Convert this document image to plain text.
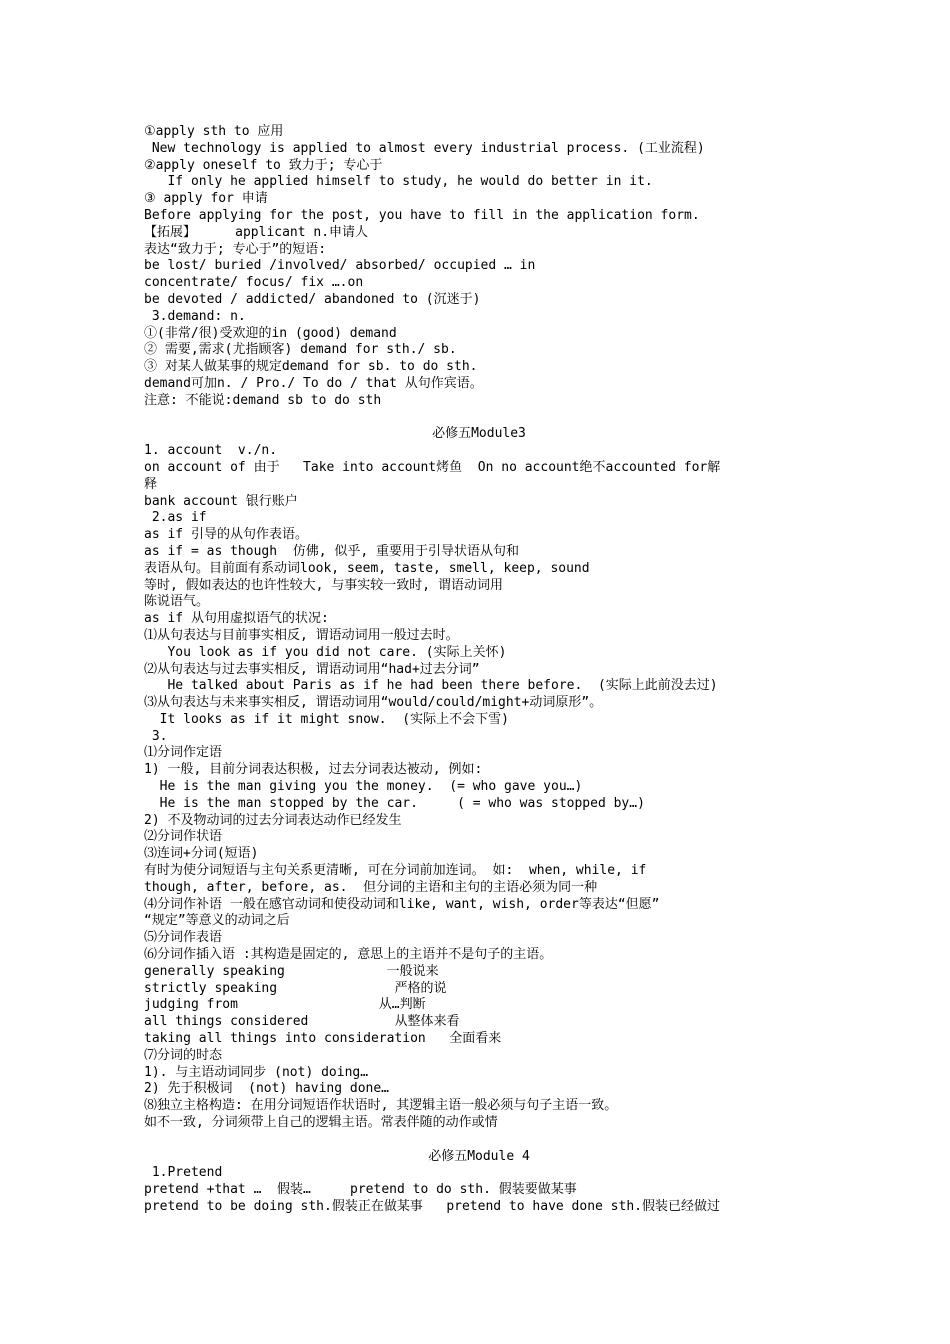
①apply sth to 应用
New technology is applied to almost every industrial process. (工业流程)
②apply oneself to 致力于; 专心于
If only he applied himself to study, he would do better in it.
③ apply for 申请
Before applying for the post, you have to fill in the application form.
【拓展】     applicant n.申请人
表达“致力于; 专心于”的短语:
be lost/ buried /involved/ absorbed/ occupied … in
concentrate/ focus/ fix ….on
be devoted / addicted/ abandoned to (沉迷于)
3.demand: n.
①(非常/很)受欢迎的in (good) demand
② 需要,需求(尤指顾客) demand for sth./ sb.
③ 对某人做某事的规定demand for sb. to do sth.
demand可加n. / Pro./ To do / that 从句作宾语。
注意: 不能说:demand sb to do sth
必修五Module3
1. account  v./n.
on account of 由于   Take into account烤鱼  On no account绝不accounted for解
释
bank account 银行账户
2.as if
as if 引导的从句作表语。
as if = as though  仿佛, 似乎, 重要用于引导状语从句和
表语从句。目前面有系动词look, seem, taste, smell, keep, sound
等时, 假如表达的也许性较大, 与事实较一致时, 谓语动词用
陈说语气。
as if 从句用虚拟语气的状况:
⑴从句表达与目前事实相反, 谓语动词用一般过去时。
You look as if you did not care. (实际上关怀)
⑵从句表达与过去事实相反, 谓语动词用“had+过去分词”
He talked about Paris as if he had been there before.  (实际上此前没去过)
⑶从句表达与未来事实相反, 谓语动词用“would/could/might+动词原形”。
It looks as if it might snow.  (实际上不会下雪)
3.
⑴分词作定语
1) 一般, 目前分词表达积极, 过去分词表达被动, 例如:
He is the man giving you the money.  (= who gave you…)
He is the man stopped by the car.     ( = who was stopped by…)
2) 不及物动词的过去分词表达动作已经发生
⑵分词作状语
⑶连词+分词(短语)
有时为使分词短语与主句关系更清晰, 可在分词前加连词。 如:  when, while, if
though, after, before, as.  但分词的主语和主句的主语必须为同一种
⑷分词作补语 一般在感官动词和使役动词和like, want, wish, order等表达“但愿”
“规定”等意义的动词之后
⑸分词作表语
⑹分词作插入语 :其构造是固定的, 意思上的主语并不是句子的主语。
generally speaking             一般说来
strictly speaking               严格的说
judging from                  从…判断
all things considered           从整体来看
taking all things into consideration   全面看来
⑺分词的时态
1). 与主语动词同步 (not) doing…
2) 先于积极词  (not) having done…
⑻独立主格构造: 在用分词短语作状语时, 其逻辑主语一般必须与句子主语一致。
如不一致, 分词须带上自己的逻辑主语。常表伴随的动作或情
必修五Module 4
1.Pretend
pretend +that …  假装…     pretend to do sth. 假装要做某事
pretend to be doing sth.假装正在做某事   pretend to have done sth.假装已经做过
